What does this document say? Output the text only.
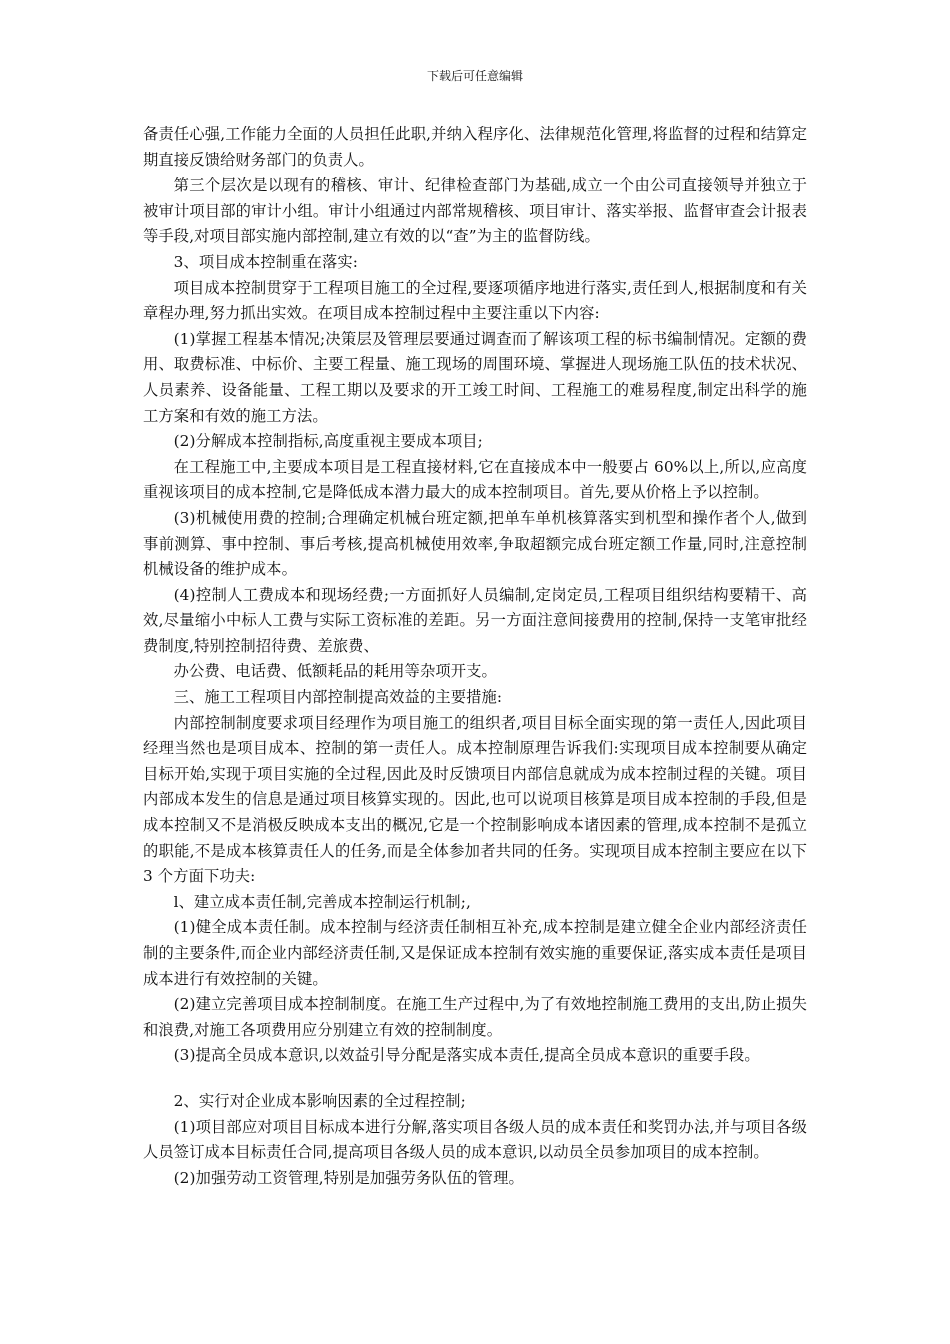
下载后可任意编辑

备责任心强,工作能力全面的人员担任此职,并纳入程序化、法律规范化管理,将监督的过程和结算定期直接反馈给财务部门的负责人。

第三个层次是以现有的稽核、审计、纪律检查部门为基础,成立一个由公司直接领导并独立于被审计项目部的审计小组。审计小组通过内部常规稽核、项目审计、落实举报、监督审查会计报表等手段,对项目部实施内部控制,建立有效的以“查”为主的监督防线。

3、项目成本控制重在落实:

项目成本控制贯穿于工程项目施工的全过程,要逐项循序地进行落实,责任到人,根据制度和有关章程办理,努力抓出实效。在项目成本控制过程中主要注重以下内容:

(1)掌握工程基本情况;决策层及管理层要通过调查而了解该项工程的标书编制情况。定额的费用、取费标准、中标价、主要工程量、施工现场的周围环境、掌握进人现场施工队伍的技术状况、人员素养、设备能量、工程工期以及要求的开工竣工时间、工程施工的难易程度,制定出科学的施工方案和有效的施工方法。

(2)分解成本控制指标,高度重视主要成本项目;

在工程施工中,主要成本项目是工程直接材料,它在直接成本中一般要占 60%以上,所以,应高度重视该项目的成本控制,它是降低成本潜力最大的成本控制项目。首先,要从价格上予以控制。

(3)机械使用费的控制;合理确定机械台班定额,把单车单机核算落实到机型和操作者个人,做到事前测算、事中控制、事后考核,提高机械使用效率,争取超额完成台班定额工作量,同时,注意控制机械设备的维护成本。

(4)控制人工费成本和现场经费;一方面抓好人员编制,定岗定员,工程项目组织结构要精干、高效,尽量缩小中标人工费与实际工资标准的差距。另一方面注意间接费用的控制,保持一支笔审批经费制度,特别控制招待费、差旅费、

办公费、电话费、低额耗品的耗用等杂项开支。

三、施工工程项目内部控制提高效益的主要措施:

内部控制制度要求项目经理作为项目施工的组织者,项目目标全面实现的第一责任人,因此项目经理当然也是项目成本、控制的第一责任人。成本控制原理告诉我们:实现项目成本控制要从确定目标开始,实现于项目实施的全过程,因此及时反馈项目内部信息就成为成本控制过程的关键。项目内部成本发生的信息是通过项目核算实现的。因此,也可以说项目核算是项目成本控制的手段,但是成本控制又不是消极反映成本支出的概况,它是一个控制影响成本诸因素的管理,成本控制不是孤立的职能,不是成本核算责任人的任务,而是全体参加者共同的任务。实现项目成本控制主要应在以下 3 个方面下功夫:

l、建立成本责任制,完善成本控制运行机制;,

(1)健全成本责任制。成本控制与经济责任制相互补充,成本控制是建立健全企业内部经济责任制的主要条件,而企业内部经济责任制,又是保证成本控制有效实施的重要保证,落实成本责任是项目成本进行有效控制的关键。

(2)建立完善项目成本控制制度。在施工生产过程中,为了有效地控制施工费用的支出,防止损失和浪费,对施工各项费用应分别建立有效的控制制度。

(3)提高全员成本意识,以效益引导分配是落实成本责任,提高全员成本意识的重要手段。

2、实行对企业成本影响因素的全过程控制;

(1)项目部应对项目目标成本进行分解,落实项目各级人员的成本责任和奖罚办法,并与项目各级人员签订成本目标责任合同,提高项目各级人员的成本意识,以动员全员参加项目的成本控制。

(2)加强劳动工资管理,特别是加强劳务队伍的管理。
